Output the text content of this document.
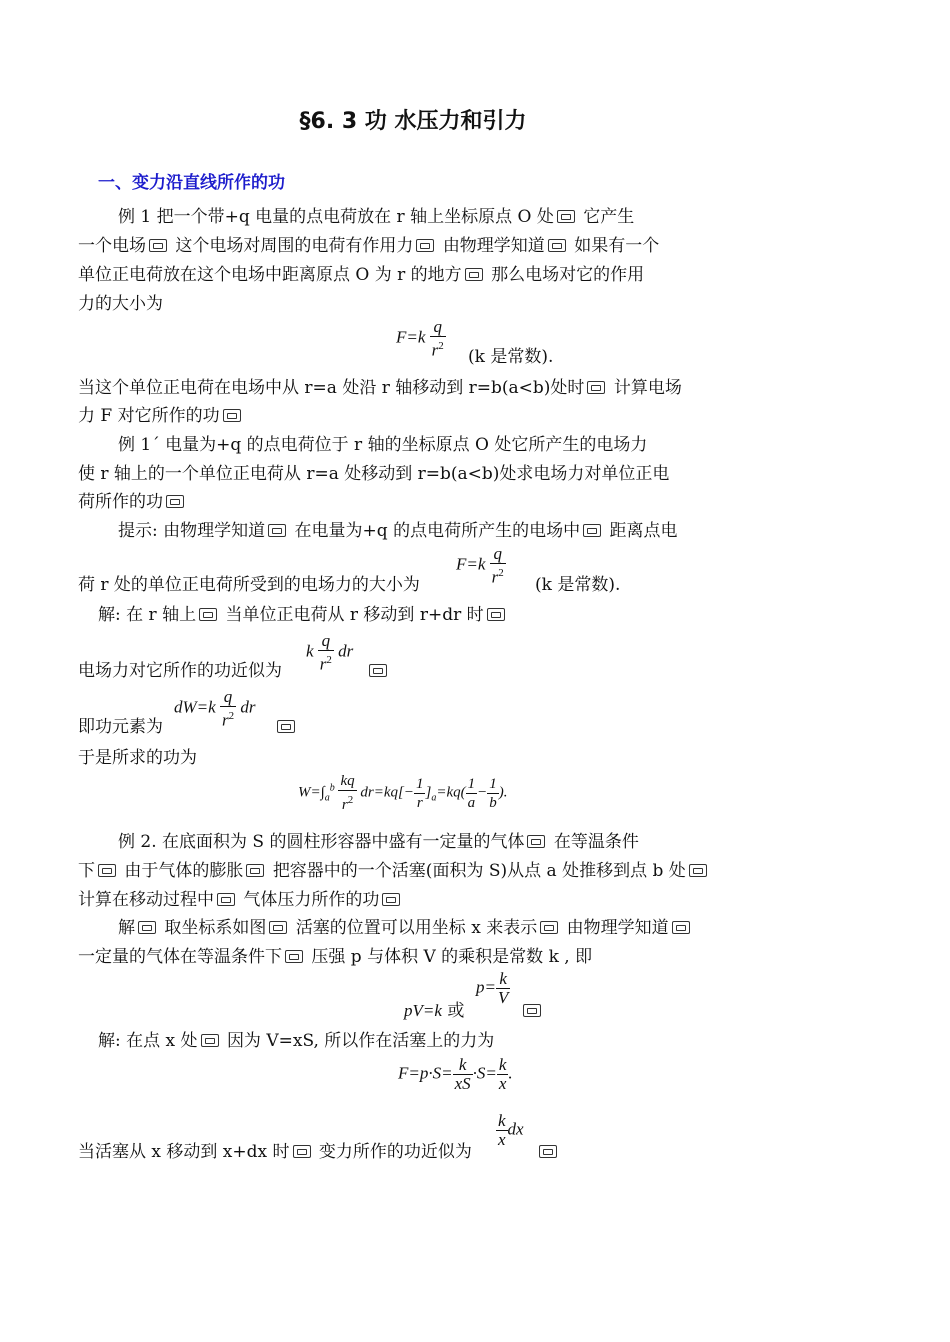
§6. 3 功 水压力和引力
一、变力沿直线所作的功
例 1 把一个带+q 电量的点电荷放在 r 轴上坐标原点 O 处 它产生
一个电场 这个电场对周围的电荷有作用力 由物理学知道 如果有一个
单位正电荷放在这个电场中距离原点 O 为 r 的地方 那么电场对它的作用
力的大小为
$F=k \frac{q}{r^2} (k$ 是常数).
当这个单位正电荷在电场中从 r=a 处沿 r 轴移动到 r=b(a<b)处时 计算电场
力 F 对它所作的功
例 1´ 电量为+q 的点电荷位于 r 轴的坐标原点 O 处它所产生的电场力
使 r 轴上的一个单位正电荷从 r=a 处移动到 r=b(a<b)处求电场力对单位正电
荷所作的功
提示: 由物理学知道 在电量为+q 的点电荷所产生的电场中 距离点电
$F=k \frac{q}{r^2}$
荷 r 处的单位正电荷所受到的电场力的大小为	(k 是常数).
解: 在 r 轴上 当单位正电荷从 r 移动到 r+dr 时
k $\frac{q}{r^2}$ dr
电场力对它所作的功近似为
$dW=k \frac{q}{r^2}$ dr
即功元素为
于是所求的功为
$W=\int_a^b \frac{kq}{r^2} dr=kq[- \frac{1}{r} ]_a=kq( \frac{1}{a} - \frac{1}{b}$ ).
例 2. 在底面积为 S 的圆柱形容器中盛有一定量的气体 在等温条件
下 由于气体的膨胀 把容器中的一个活塞(面积为 S)从点 a 处推移到点 b 处
计算在移动过程中 气体压力所作的功
解 取坐标系如图 活塞的位置可以用坐标 x 来表示 由物理学知道
一定量的气体在等温条件下 压强 p 与体积 V 的乘积是常数 k , 即
$p= \frac{k}{V}$
pV=k 或
解: 在点 x 处 因为 V=xS, 所以作在活塞上的力为
$F=p\cdot S= \frac{k}{xS} \cdot S= \frac{k}{x}$ .
$\frac{k}{x}$ dx
当活塞从 x 移动到 x+dx 时 变力所作的功近似为
